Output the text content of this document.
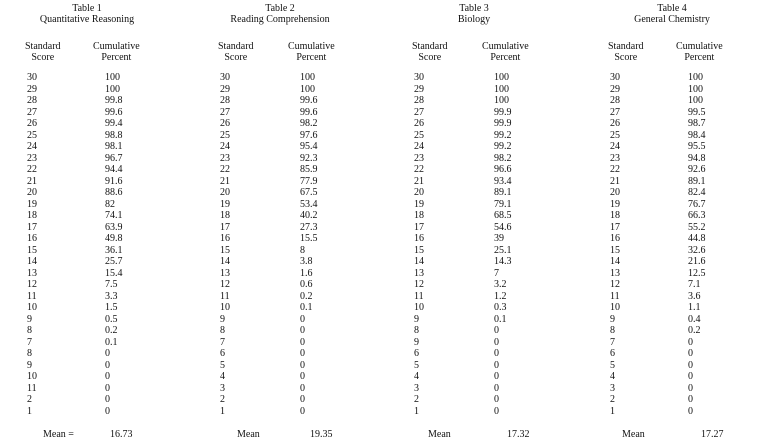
Table 1
Quantitative Reasoning
Standard
Score
Cumulative
Percent
30	100
29	100
28	99.8
27	99.6
26	99.4
25	98.8
24	98.1
23	96.7
22	94.4
21	91.6
20	88.6
19	82
18	74.1
17	63.9
16	49.8
15	36.1
14	25.7
13	15.4
12	7.5
11	3.3
10	1.5
9	0.5
8	0.2
7	0.1
8	0
9	0
10	0
11	0
2	0
1	0
Mean =	16.73
Table 2
Reading Comprehension
Standard
Score
Cumulative
Percent
30	100
29	100
28	99.6
27	99.6
26	98.2
25	97.6
24	95.4
23	92.3
22	85.9
21	77.9
20	67.5
19	53.4
18	40.2
17	27.3
16	15.5
15	8
14	3.8
13	1.6
12	0.6
11	0.2
10	0.1
9	0
8	0
7	0
6	0
5	0
4	0
3	0
2	0
1	0
Mean	19.35
Table 3
Biology
Standard
Score
Cumulative
Percent
30	100
29	100
28	100
27	99.9
26	99.9
25	99.2
24	99.2
23	98.2
22	96.6
21	93.4
20	89.1
19	79.1
18	68.5
17	54.6
16	39
15	25.1
14	14.3
13	7
12	3.2
11	1.2
10	0.3
9	0.1
8	0
9	0
6	0
5	0
4	0
3	0
2	0
1	0
Mean	17.32
Table 4
General Chemistry
Standard
Score
Cumulative
Percent
30	100
29	100
28	100
27	99.5
26	98.7
25	98.4
24	95.5
23	94.8
22	92.6
21	89.1
20	82.4
19	76.7
18	66.3
17	55.2
16	44.8
15	32.6
14	21.6
13	12.5
12	7.1
11	3.6
10	1.1
9	0.4
8	0.2
7	0
6	0
5	0
4	0
3	0
2	0
1	0
Mean	17.27
